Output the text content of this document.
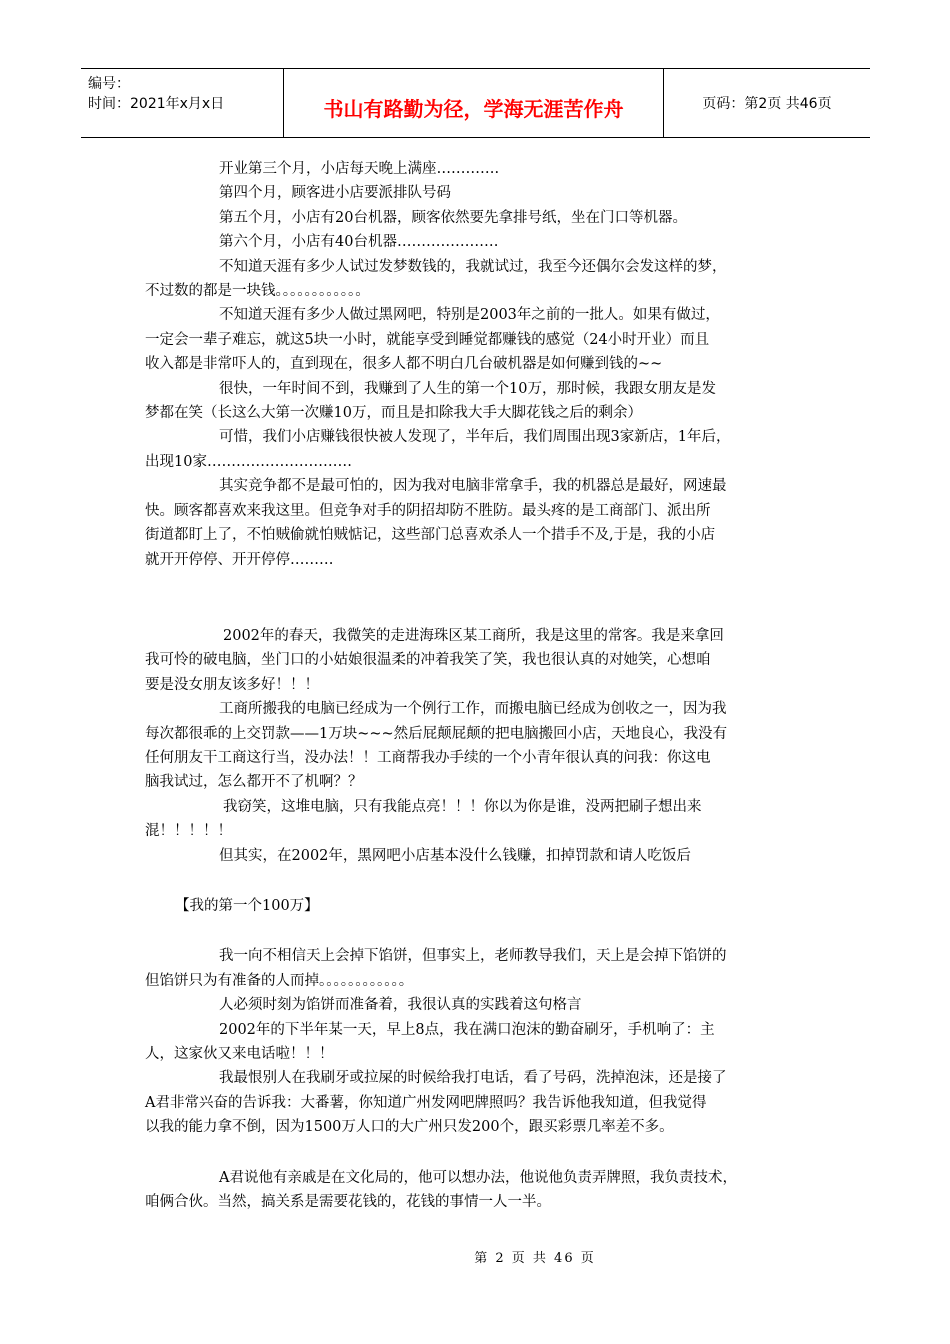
编号：
时间：2021年x月x日	书山有路勤为径，学海无涯苦作舟	页码：第2页 共46页

开业第三个月，小店每天晚上满座………….

第四个月，顾客进小店要派排队号码

第五个月，小店有20台机器，顾客依然要先拿排号纸，坐在门口等机器。

第六个月，小店有40台机器…………………

不知道天涯有多少人试过发梦数钱的，我就试过，我至今还偶尔会发这样的梦，

不过数的都是一块钱。。。。。。。。。。。。

不知道天涯有多少人做过黑网吧，特别是2003年之前的一批人。如果有做过，

一定会一辈子难忘，就这5块一小时，就能享受到睡觉都赚钱的感觉（24小时开业）而且

收入都是非常吓人的，直到现在，很多人都不明白几台破机器是如何赚到钱的~~

很快，一年时间不到，我赚到了人生的第一个10万，那时候，我跟女朋友是发

梦都在笑（长这么大第一次赚10万，而且是扣除我大手大脚花钱之后的剩余）

可惜，我们小店赚钱很快被人发现了，半年后，我们周围出现3家新店，1年后，

出现10家…………………………

其实竞争都不是最可怕的，因为我对电脑非常拿手，我的机器总是最好，网速最

快。顾客都喜欢来我这里。但竞争对手的阴招却防不胜防。最头疼的是工商部门、派出所

街道都盯上了，不怕贼偷就怕贼惦记，这些部门总喜欢杀人一个措手不及,于是，我的小店

就开开停停、开开停停………

2002年的春天，我微笑的走进海珠区某工商所，我是这里的常客。我是来拿回

我可怜的破电脑，坐门口的小姑娘很温柔的冲着我笑了笑，我也很认真的对她笑，心想咱

要是没女朋友该多好！！！

工商所搬我的电脑已经成为一个例行工作，而搬电脑已经成为创收之一，因为我

每次都很乖的上交罚款——1万块~~~然后屁颠屁颠的把电脑搬回小店，天地良心，我没有

任何朋友干工商这行当，没办法！！工商帮我办手续的一个小青年很认真的问我：你这电

脑我试过，怎么都开不了机啊？？

我窃笑，这堆电脑，只有我能点亮！！！你以为你是谁，没两把刷子想出来

混！！！！！

但其实，在2002年，黑网吧小店基本没什么钱赚，扣掉罚款和请人吃饭后

【我的第一个100万】

我一向不相信天上会掉下馅饼，但事实上，老师教导我们，天上是会掉下馅饼的

但馅饼只为有准备的人而掉。。。。。。。。。。。。

人必须时刻为馅饼而准备着，我很认真的实践着这句格言

2002年的下半年某一天，早上8点，我在满口泡沫的勤奋刷牙，手机响了：主

人，这家伙又来电话啦！！！

我最恨别人在我刷牙或拉屎的时候给我打电话，看了号码，洗掉泡沫，还是接了

A君非常兴奋的告诉我：大番薯，你知道广州发网吧牌照吗？我告诉他我知道，但我觉得

以我的能力拿不倒，因为1500万人口的大广州只发200个，跟买彩票几率差不多。

A君说他有亲戚是在文化局的，他可以想办法，他说他负责弄牌照，我负责技术，

咱俩合伙。当然，搞关系是需要花钱的，花钱的事情一人一半。

第 2 页 共 46 页
